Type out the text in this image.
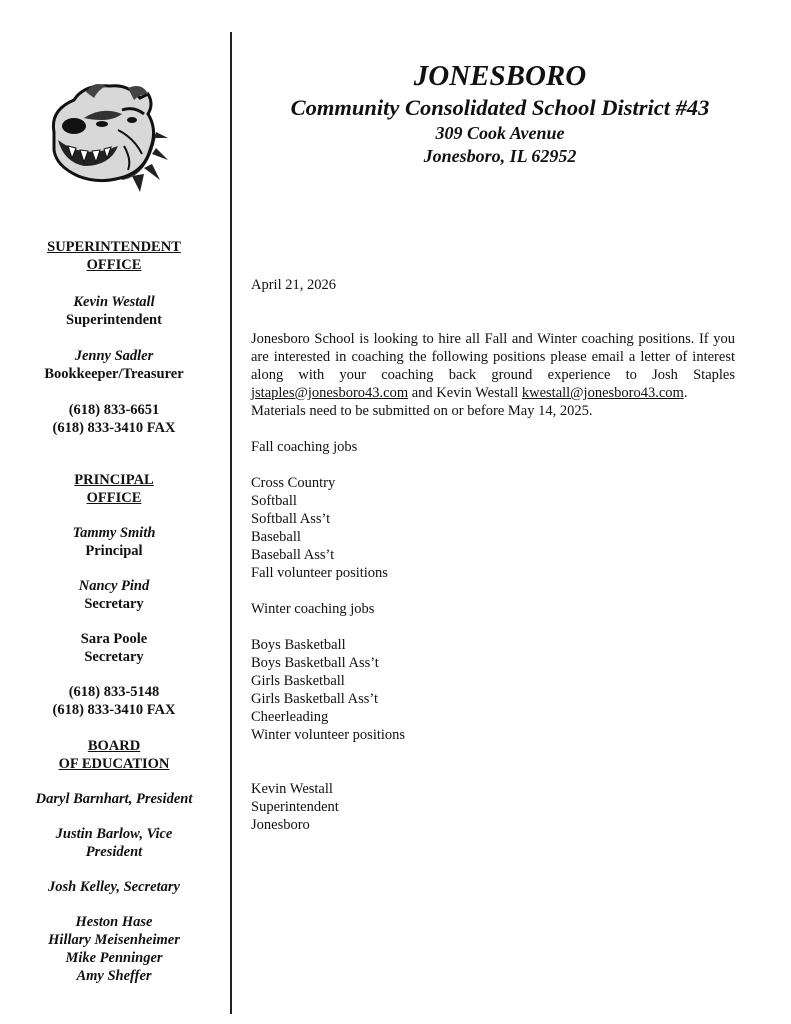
SUPERINTENDENT

OFFICE

Kevin Westall

Superintendent

Jenny Sadler

Bookkeeper/Treasurer

(618) 833-6651

(618) 833-3410 FAX

PRINCIPAL

OFFICE

Tammy Smith

Principal

Nancy Pind

Secretary

Sara Poole

Secretary

(618) 833-5148

(618) 833-3410 FAX

BOARD

OF EDUCATION

Daryl Barnhart, President

Justin Barlow, Vice

President

Josh Kelley, Secretary

Heston Hase

Hillary Meisenheimer

Mike Penninger

Amy Sheffer

JONESBORO
Community Consolidated School District #43
309 Cook Avenue
Jonesboro, IL 62952

April 21, 2026

Jonesboro School is looking to hire all Fall and Winter coaching positions. If you are interested in coaching the following positions please email a letter of interest along with your coaching back ground experience to Josh Staples jstaples@jonesboro43.com and Kevin Westall kwestall@jonesboro43.com.

Materials need to be submitted on or before May 14, 2025.

Fall coaching jobs

Cross Country

Softball

Softball Ass’t

Baseball

Baseball Ass’t

Fall volunteer positions

Winter coaching jobs

Boys Basketball

Boys Basketball Ass’t

Girls Basketball

Girls Basketball Ass’t

Cheerleading

Winter volunteer positions

Kevin Westall

Superintendent

Jonesboro
